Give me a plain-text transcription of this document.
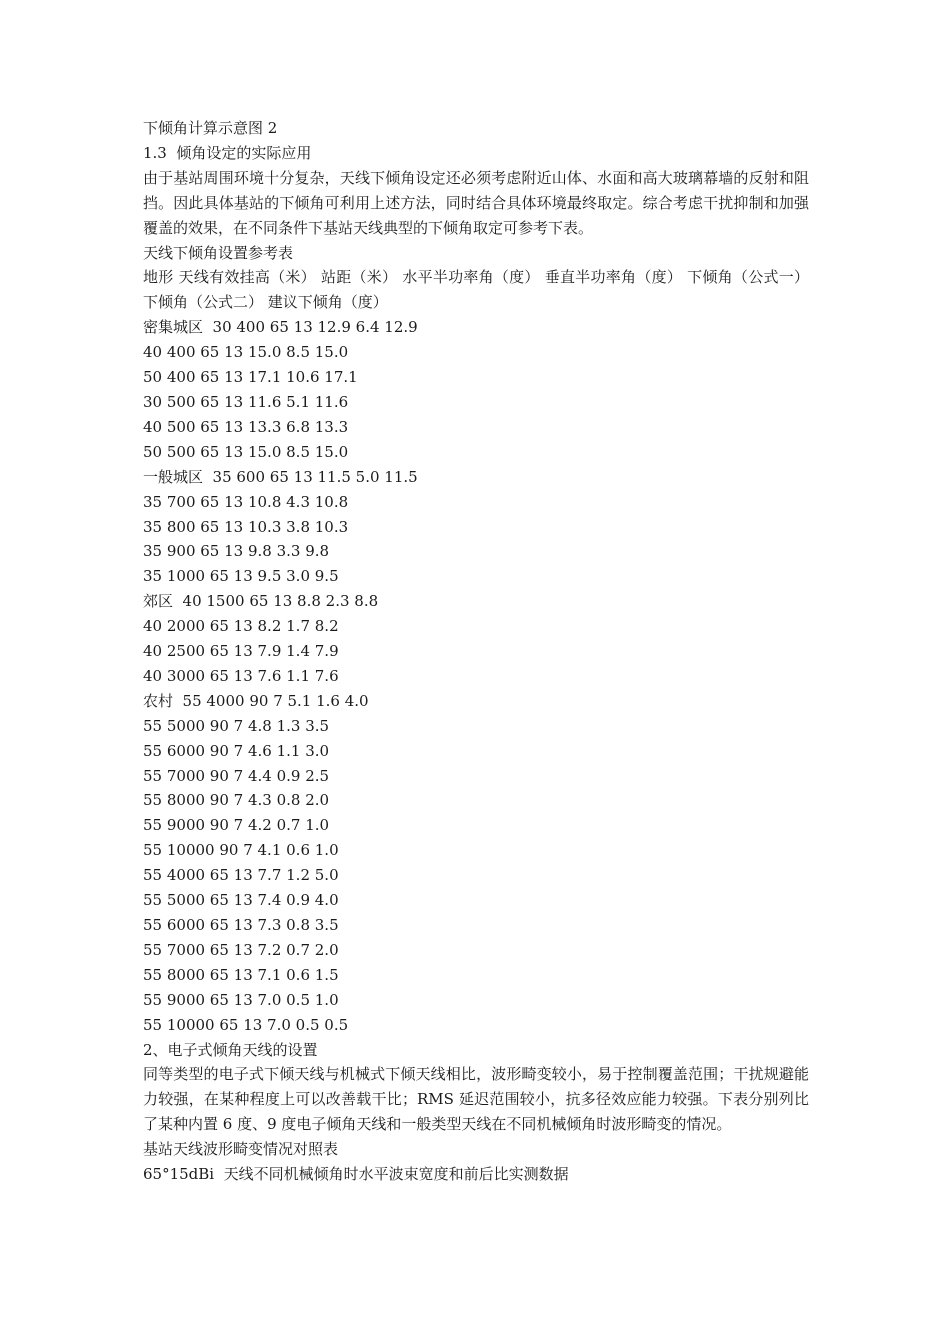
下倾角计算示意图 2

1.3  倾角设定的实际应用

由于基站周围环境十分复杂，天线下倾角设定还必须考虑附近山体、水面和高大玻璃幕墙的反射和阻挡。因此具体基站的下倾角可利用上述方法，同时结合具体环境最终取定。综合考虑干扰抑制和加强覆盖的效果，在不同条件下基站天线典型的下倾角取定可参考下表。

天线下倾角设置参考表

地形 天线有效挂高（米） 站距（米） 水平半功率角（度） 垂直半功率角（度） 下倾角（公式一） 下倾角（公式二） 建议下倾角（度）

密集城区  30 400 65 13 12.9 6.4 12.9

40 400 65 13 15.0 8.5 15.0

50 400 65 13 17.1 10.6 17.1

30 500 65 13 11.6 5.1 11.6

40 500 65 13 13.3 6.8 13.3

50 500 65 13 15.0 8.5 15.0

一般城区  35 600 65 13 11.5 5.0 11.5

35 700 65 13 10.8 4.3 10.8

35 800 65 13 10.3 3.8 10.3

35 900 65 13 9.8 3.3 9.8

35 1000 65 13 9.5 3.0 9.5

郊区  40 1500 65 13 8.8 2.3 8.8

40 2000 65 13 8.2 1.7 8.2

40 2500 65 13 7.9 1.4 7.9

40 3000 65 13 7.6 1.1 7.6

农村  55 4000 90 7 5.1 1.6 4.0

55 5000 90 7 4.8 1.3 3.5

55 6000 90 7 4.6 1.1 3.0

55 7000 90 7 4.4 0.9 2.5

55 8000 90 7 4.3 0.8 2.0

55 9000 90 7 4.2 0.7 1.0

55 10000 90 7 4.1 0.6 1.0

55 4000 65 13 7.7 1.2 5.0

55 5000 65 13 7.4 0.9 4.0

55 6000 65 13 7.3 0.8 3.5

55 7000 65 13 7.2 0.7 2.0

55 8000 65 13 7.1 0.6 1.5

55 9000 65 13 7.0 0.5 1.0

55 10000 65 13 7.0 0.5 0.5

2、电子式倾角天线的设置

同等类型的电子式下倾天线与机械式下倾天线相比，波形畸变较小，易于控制覆盖范围；干扰规避能力较强，在某种程度上可以改善载干比；RMS 延迟范围较小，抗多径效应能力较强。下表分别列比了某种内置 6 度、9 度电子倾角天线和一般类型天线在不同机械倾角时波形畸变的情况。

基站天线波形畸变情况对照表

65°15dBi  天线不同机械倾角时水平波束宽度和前后比实测数据
